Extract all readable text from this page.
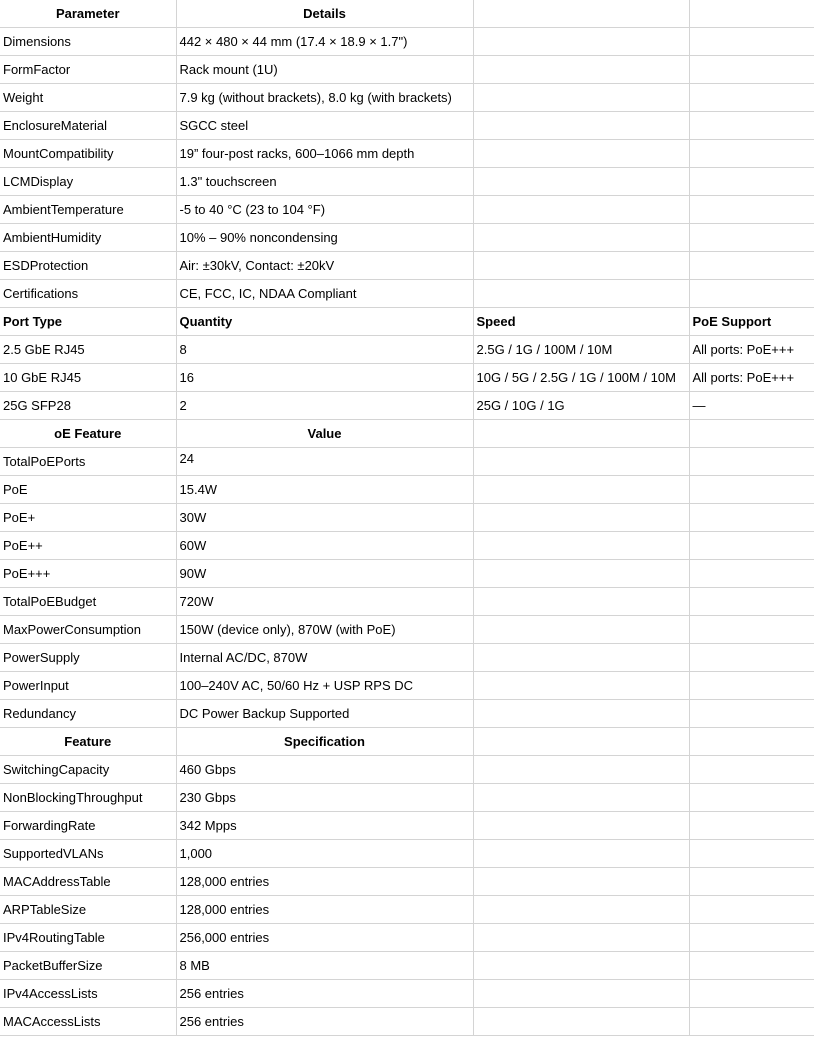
Parameter	Details		
Dimensions	442 × 480 × 44 mm (17.4 × 18.9 × 1.7")		
FormFactor	Rack mount (1U)		
Weight	7.9 kg (without brackets), 8.0 kg (with brackets)		
EnclosureMaterial	SGCC steel		
MountCompatibility	19” four-post racks, 600–1066 mm depth		
LCMDisplay	1.3" touchscreen		
AmbientTemperature	-5 to 40 °C (23 to 104 °F)		
AmbientHumidity	10% – 90% noncondensing		
ESDProtection	Air: ±30kV, Contact: ±20kV		
Certifications	CE, FCC, IC, NDAA Compliant		
Port Type	Quantity	Speed	PoE Support
2.5 GbE RJ45	8	2.5G / 1G / 100M / 10M	All ports: PoE+++
10 GbE RJ45	16	10G / 5G / 2.5G / 1G / 100M / 10M	All ports: PoE+++
25G SFP28	2	25G / 10G / 1G	—
oE Feature	Value		
TotalPoEPorts	24		
PoE	15.4W		
PoE+	30W		
PoE++	60W		
PoE+++	90W		
TotalPoEBudget	720W		
MaxPowerConsumption	150W (device only), 870W (with PoE)		
PowerSupply	Internal AC/DC, 870W		
PowerInput	100–240V AC, 50/60 Hz + USP RPS DC		
Redundancy	DC Power Backup Supported		
Feature	Specification		
SwitchingCapacity	460 Gbps		
NonBlockingThroughput	230 Gbps		
ForwardingRate	342 Mpps		
SupportedVLANs	1,000		
MACAddressTable	128,000 entries		
ARPTableSize	128,000 entries		
IPv4RoutingTable	256,000 entries		
PacketBufferSize	8 MB		
IPv4AccessLists	256 entries		
MACAccessLists	256 entries		
